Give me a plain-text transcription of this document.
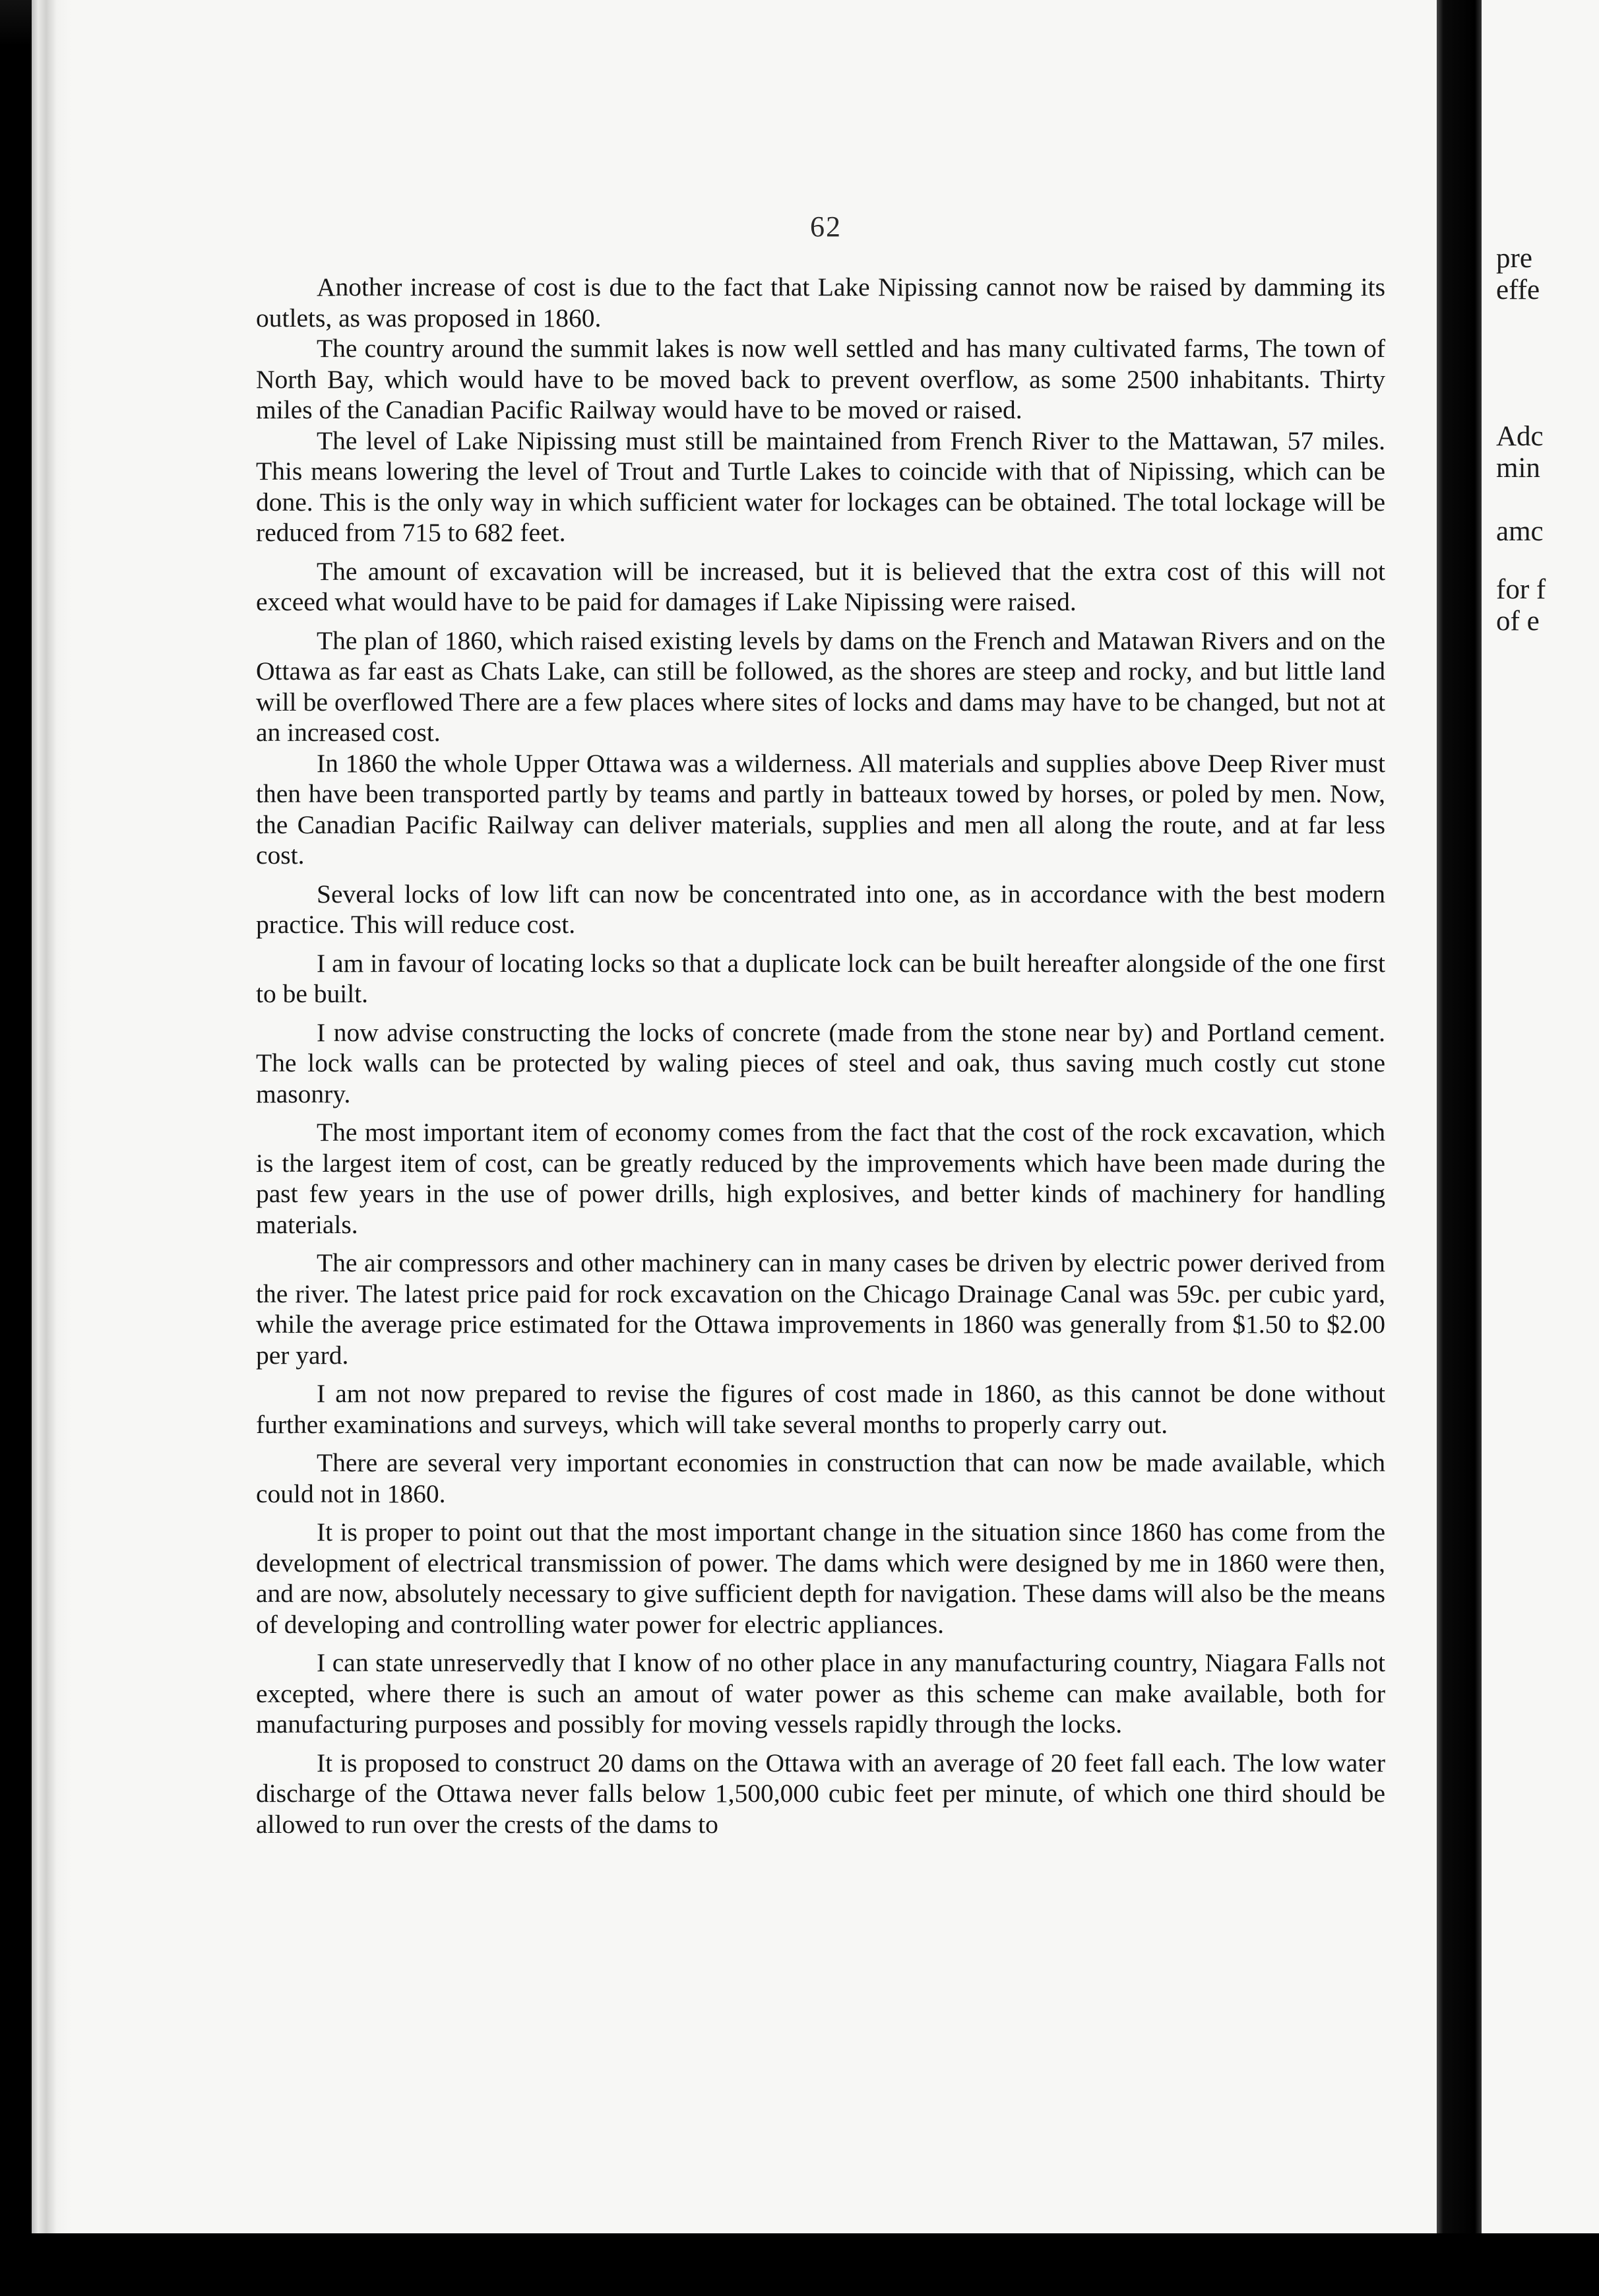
62

Another increase of cost is due to the fact that Lake Nipissing cannot now be raised by damming its outlets, as was proposed in 1860.

The country around the summit lakes is now well settled and has many cultivated farms, The town of North Bay, which would have to be moved back to prevent overflow, as some 2500 inhabitants. Thirty miles of the Canadian Pacific Railway would have to be moved or raised.

The level of Lake Nipissing must still be maintained from French River to the Mattawan, 57 miles. This means lowering the level of Trout and Turtle Lakes to coincide with that of Nipissing, which can be done. This is the only way in which sufficient water for lockages can be obtained. The total lockage will be reduced from 715 to 682 feet.

The amount of excavation will be increased, but it is believed that the extra cost of this will not exceed what would have to be paid for damages if Lake Nipissing were raised.

The plan of 1860, which raised existing levels by dams on the French and Matawan Rivers and on the Ottawa as far east as Chats Lake, can still be followed, as the shores are steep and rocky, and but little land will be overflowed There are a few places where sites of locks and dams may have to be changed, but not at an increased cost.

In 1860 the whole Upper Ottawa was a wilderness. All materials and supplies above Deep River must then have been transported partly by teams and partly in batteaux towed by horses, or poled by men. Now, the Canadian Pacific Railway can deliver materials, supplies and men all along the route, and at far less cost.

Several locks of low lift can now be concentrated into one, as in accordance with the best modern practice. This will reduce cost.

I am in favour of locating locks so that a duplicate lock can be built hereafter alongside of the one first to be built.

I now advise constructing the locks of concrete (made from the stone near by) and Portland cement. The lock walls can be protected by waling pieces of steel and oak, thus saving much costly cut stone masonry.

The most important item of economy comes from the fact that the cost of the rock excavation, which is the largest item of cost, can be greatly reduced by the improvements which have been made during the past few years in the use of power drills, high explosives, and better kinds of machinery for handling materials.

The air compressors and other machinery can in many cases be driven by electric power derived from the river. The latest price paid for rock excavation on the Chicago Drainage Canal was 59c. per cubic yard, while the average price estimated for the Ottawa improvements in 1860 was generally from $1.50 to $2.00 per yard.

I am not now prepared to revise the figures of cost made in 1860, as this cannot be done without further examinations and surveys, which will take several months to properly carry out.

There are several very important economies in construction that can now be made available, which could not in 1860.

It is proper to point out that the most important change in the situation since 1860 has come from the development of electrical transmission of power. The dams which were designed by me in 1860 were then, and are now, absolutely necessary to give sufficient depth for navigation. These dams will also be the means of developing and controlling water power for electric appliances.

I can state unreservedly that I know of no other place in any manufacturing country, Niagara Falls not excepted, where there is such an amout of water power as this scheme can make available, both for manufacturing purposes and possibly for moving vessels rapidly through the locks.

It is proposed to construct 20 dams on the Ottawa with an average of 20 feet fall each. The low water discharge of the Ottawa never falls below 1,500,000 cubic feet per minute, of which one third should be allowed to run over the crests of the dams to

pre
effe
Adc
min
amc
for f
of e
